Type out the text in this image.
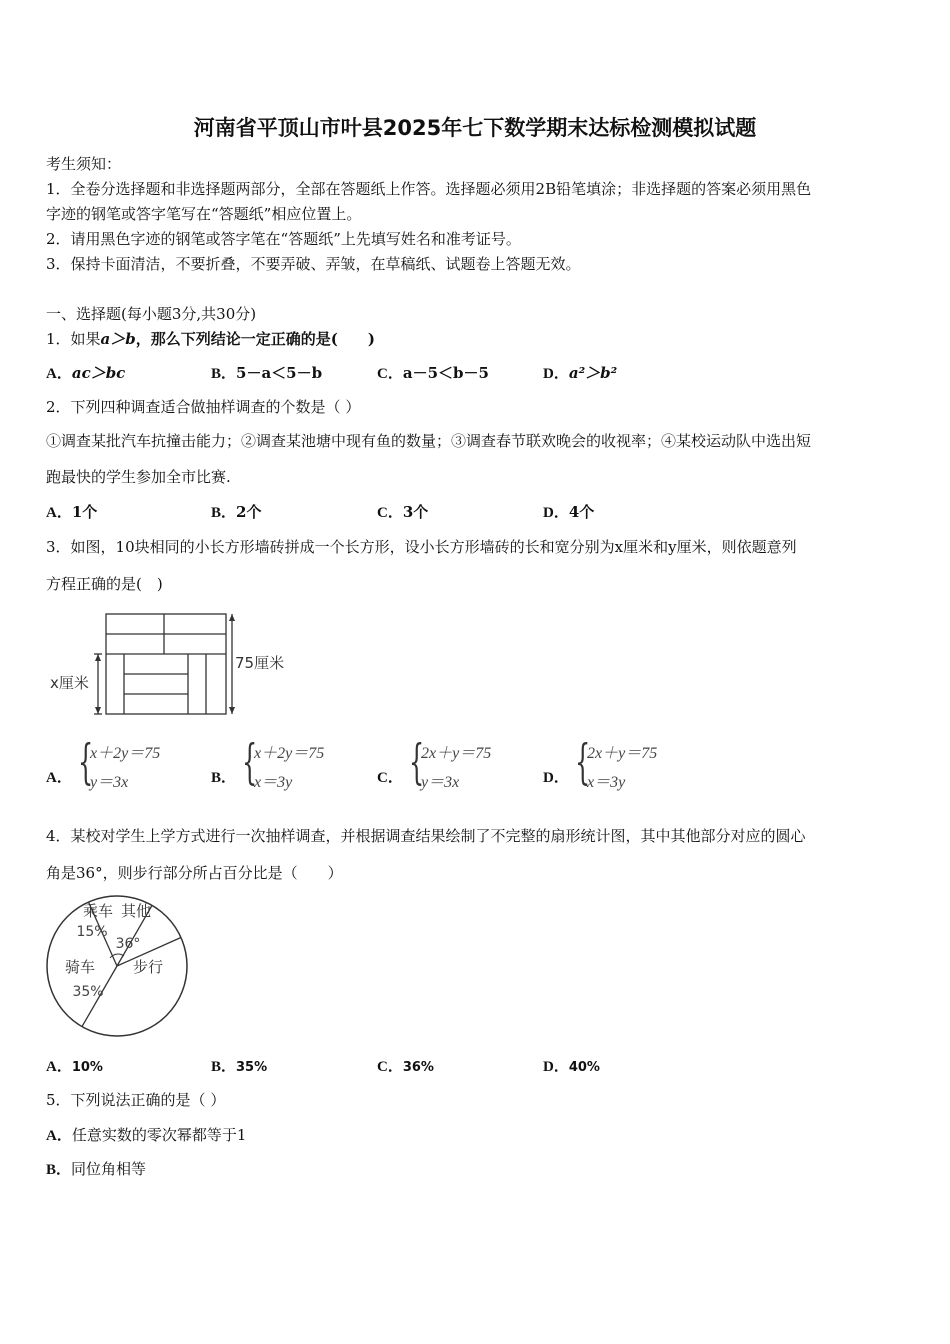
河南省平顶山市叶县2025年七下数学期末达标检测模拟试题
考生须知：
1．全卷分选择题和非选择题两部分，全部在答题纸上作答。选择题必须用2B铅笔填涂；非选择题的答案必须用黑色
字迹的钢笔或答字笔写在“答题纸”相应位置上。
2．请用黑色字迹的钢笔或答字笔在“答题纸”上先填写姓名和准考证号。
3．保持卡面清洁，不要折叠，不要弄破、弄皱，在草稿纸、试题卷上答题无效。
一、选择题(每小题3分,共30分)
1．如果a＞b，那么下列结论一定正确的是(　　)
A．ac＞bc	B．5－a＜5－b	C．a－5＜b－5	D．a²＞b²
2．下列四种调查适合做抽样调查的个数是（ ）
①调查某批汽车抗撞击能力；②调查某池塘中现有鱼的数量；③调查春节联欢晚会的收视率；④某校运动队中选出短
跑最快的学生参加全市比赛.
A．1个	B．2个	C．3个	D．4个
3．如图，10块相同的小长方形墙砖拼成一个长方形，设小长方形墙砖的长和宽分别为x厘米和y厘米，则依题意列
方程正确的是(　)
x厘米
75厘米
A． {
x＋2y＝75
y＝3x	B． {
x＋2y＝75
x＝3y	C． {
2x＋y＝75
y＝3x	D． {
2x＋y＝75
x＝3y
4．某校对学生上学方式进行一次抽样调查，并根据调查结果绘制了不完整的扇形统计图，其中其他部分对应的圆心
角是36°，则步行部分所占百分比是（　　）
乘车
15%
其他
36°
步行
骑车
35%
A．10%	B．35%	C．36%	D．40%
5．下列说法正确的是（ ）
A．任意实数的零次幂都等于1
B．同位角相等
